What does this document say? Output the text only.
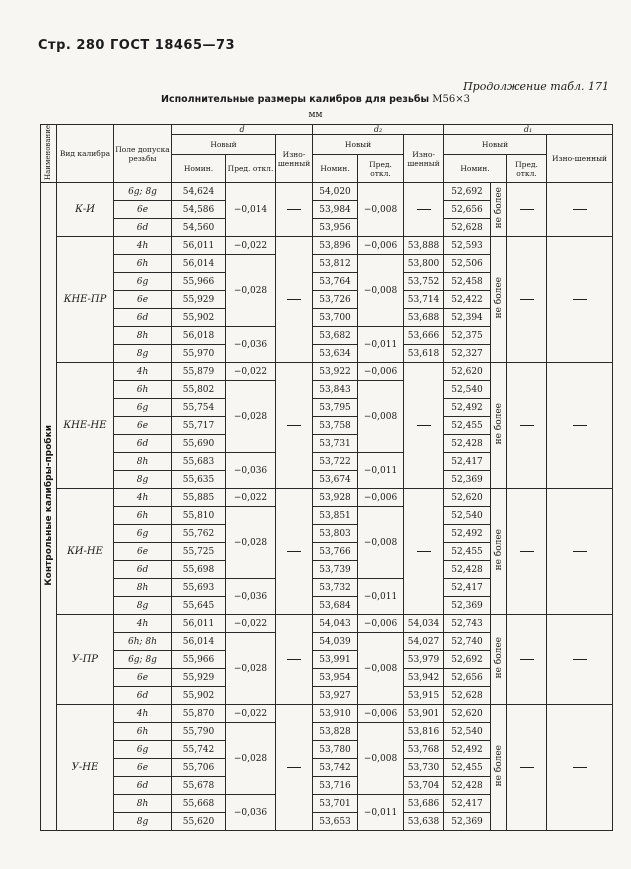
Стр. 280 ГОСТ 18465—73
Продолжение табл. 171
Исполнительные размеры калибров для резьбы M56×3
мм
Наименование	Вид калибра	Поле допуска резьбы	d			d₂			d₁			
			Новый		Изно-шенный	Новый		Изно-шенный	Новый			Изно-шенный
			Номин.	Пред. откл.		Номин.	Пред. откл.		Номин.		Пред. откл.	
Контрольные калибры-пробки	К-И	6g; 8g	54,624	−0,014		54,020	−0,008		52,692	не более		
		6e	54,586			53,984			52,656			
		6d	54,560			53,956			52,628			
	КНЕ-ПР	4h	56,011	−0,022		53,896	−0,006	53,888	52,593	не более		
		6h	56,014	−0,028		53,812	−0,008	53,800	52,506			
		6g	55,966			53,764		53,752	52,458			
		6e	55,929			53,726		53,714	52,422			
		6d	55,902			53,700		53,688	52,394			
		8h	56,018	−0,036		53,682	−0,011	53,666	52,375			
		8g	55,970			53,634		53,618	52,327			
	КНЕ-НЕ	4h	55,879	−0,022		53,922	−0,006		52,620	не более		
		6h	55,802	−0,028		53,843	−0,008		52,540			
		6g	55,754			53,795			52,492			
		6e	55,717			53,758			52,455			
		6d	55,690			53,731			52,428			
		8h	55,683	−0,036		53,722	−0,011		52,417			
		8g	55,635			53,674			52,369			
	КИ-НЕ	4h	55,885	−0,022		53,928	−0,006		52,620	не более		
		6h	55,810	−0,028		53,851	−0,008		52,540			
		6g	55,762			53,803			52,492			
		6e	55,725			53,766			52,455			
		6d	55,698			53,739			52,428			
		8h	55,693	−0,036		53,732	−0,011		52,417			
		8g	55,645			53,684			52,369			
	У-ПР	4h	56,011	−0,022		54,043	−0,006	54,034	52,743	не более		
		6h; 8h	56,014	−0,028		54,039	−0,008	54,027	52,740			
		6g; 8g	55,966			53,991		53,979	52,692			
		6e	55,929			53,954		53,942	52,656			
		6d	55,902			53,927		53,915	52,628			
	У-НЕ	4h	55,870	−0,022		53,910	−0,006	53,901	52,620	не более		
		6h	55,790	−0,028		53,828	−0,008	53,816	52,540			
		6g	55,742			53,780		53,768	52,492			
		6e	55,706			53,742		53,730	52,455			
		6d	55,678			53,716		53,704	52,428			
		8h	55,668	−0,036		53,701	−0,011	53,686	52,417			
		8g	55,620			53,653		53,638	52,369			
